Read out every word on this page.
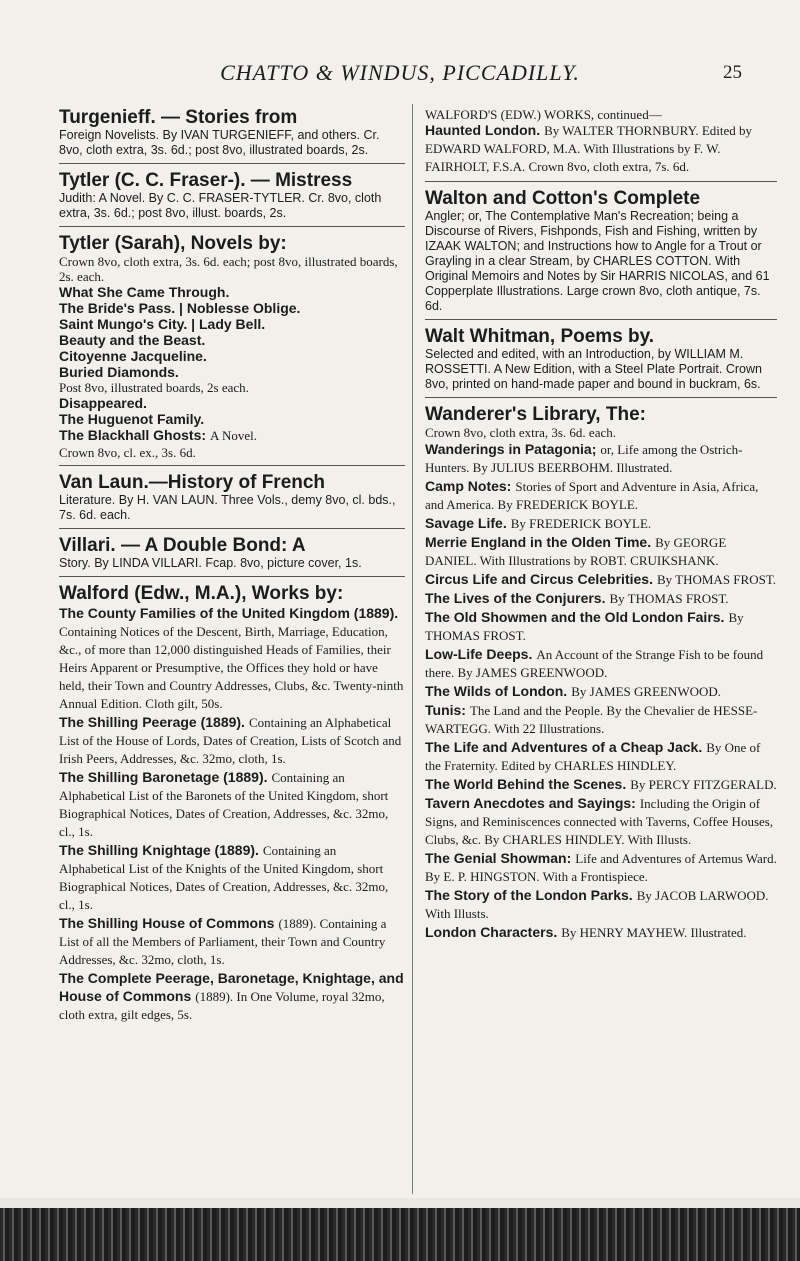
CHATTO & WINDUS, PICCADILLY.	25
Turgenieff. — Stories from
Foreign Novelists. By IVAN TURGENIEFF, and others. Cr. 8vo, cloth extra, 3s. 6d.; post 8vo, illustrated boards, 2s.
Tytler (C. C. Fraser-). — Mistress
Judith: A Novel. By C. C. FRASER-TYTLER. Cr. 8vo, cloth extra, 3s. 6d.; post 8vo, illust. boards, 2s.
Tytler (Sarah), Novels by:
Crown 8vo, cloth extra, 3s. 6d. each; post 8vo, illustrated boards, 2s. each.
What She Came Through.
The Bride's Pass. | Noblesse Oblige.
Saint Mungo's City. | Lady Bell.
Beauty and the Beast.
Citoyenne Jacqueline.
Buried Diamonds.
Post 8vo, illustrated boards, 2s each.
Disappeared.
The Huguenot Family.
The Blackhall Ghosts: A Novel.
Crown 8vo, cl. ex., 3s. 6d.
Van Laun.—History of French
Literature. By H. VAN LAUN. Three Vols., demy 8vo, cl. bds., 7s. 6d. each.
Villari. — A Double Bond: A
Story. By LINDA VILLARI. Fcap. 8vo, picture cover, 1s.
Walford (Edw., M.A.), Works by:
The County Families of the United Kingdom (1889). Containing Notices of the Descent, Birth, Marriage, Education, &c., of more than 12,000 distinguished Heads of Families, their Heirs Apparent or Presumptive, the Offices they hold or have held, their Town and Country Addresses, Clubs, &c. Twenty-ninth Annual Edition. Cloth gilt, 50s.
The Shilling Peerage (1889). Containing an Alphabetical List of the House of Lords, Dates of Creation, Lists of Scotch and Irish Peers, Addresses, &c. 32mo, cloth, 1s.
The Shilling Baronetage (1889). Containing an Alphabetical List of the Baronets of the United Kingdom, short Biographical Notices, Dates of Creation, Addresses, &c. 32mo, cl., 1s.
The Shilling Knightage (1889). Containing an Alphabetical List of the Knights of the United Kingdom, short Biographical Notices, Dates of Creation, Addresses, &c. 32mo, cl., 1s.
The Shilling House of Commons (1889). Containing a List of all the Members of Parliament, their Town and Country Addresses, &c. 32mo, cloth, 1s.
The Complete Peerage, Baronetage, Knightage, and House of Commons (1889). In One Volume, royal 32mo, cloth extra, gilt edges, 5s.
WALFORD'S (EDW.) WORKS, continued—
Haunted London. By WALTER THORNBURY. Edited by EDWARD WALFORD, M.A. With Illustrations by F. W. FAIRHOLT, F.S.A. Crown 8vo, cloth extra, 7s. 6d.
Walton and Cotton's Complete
Angler; or, The Contemplative Man's Recreation; being a Discourse of Rivers, Fishponds, Fish and Fishing, written by IZAAK WALTON; and Instructions how to Angle for a Trout or Grayling in a clear Stream, by CHARLES COTTON. With Original Memoirs and Notes by Sir HARRIS NICOLAS, and 61 Copperplate Illustrations. Large crown 8vo, cloth antique, 7s. 6d.
Walt Whitman, Poems by.
Selected and edited, with an Introduction, by WILLIAM M. ROSSETTI. A New Edition, with a Steel Plate Portrait. Crown 8vo, printed on hand-made paper and bound in buckram, 6s.
Wanderer's Library, The:
Crown 8vo, cloth extra, 3s. 6d. each.
Wanderings in Patagonia; or, Life among the Ostrich-Hunters. By JULIUS BEERBOHM. Illustrated.
Camp Notes: Stories of Sport and Adventure in Asia, Africa, and America. By FREDERICK BOYLE.
Savage Life. By FREDERICK BOYLE.
Merrie England in the Olden Time. By GEORGE DANIEL. With Illustrations by ROBT. CRUIKSHANK.
Circus Life and Circus Celebrities. By THOMAS FROST.
The Lives of the Conjurers. By THOMAS FROST.
The Old Showmen and the Old London Fairs. By THOMAS FROST.
Low-Life Deeps. An Account of the Strange Fish to be found there. By JAMES GREENWOOD.
The Wilds of London. By JAMES GREENWOOD.
Tunis: The Land and the People. By the Chevalier de HESSE-WARTEGG. With 22 Illustrations.
The Life and Adventures of a Cheap Jack. By One of the Fraternity. Edited by CHARLES HINDLEY.
The World Behind the Scenes. By PERCY FITZGERALD.
Tavern Anecdotes and Sayings: Including the Origin of Signs, and Reminiscences connected with Taverns, Coffee Houses, Clubs, &c. By CHARLES HINDLEY. With Illusts.
The Genial Showman: Life and Adventures of Artemus Ward. By E. P. HINGSTON. With a Frontispiece.
The Story of the London Parks. By JACOB LARWOOD. With Illusts.
London Characters. By HENRY MAYHEW. Illustrated.
